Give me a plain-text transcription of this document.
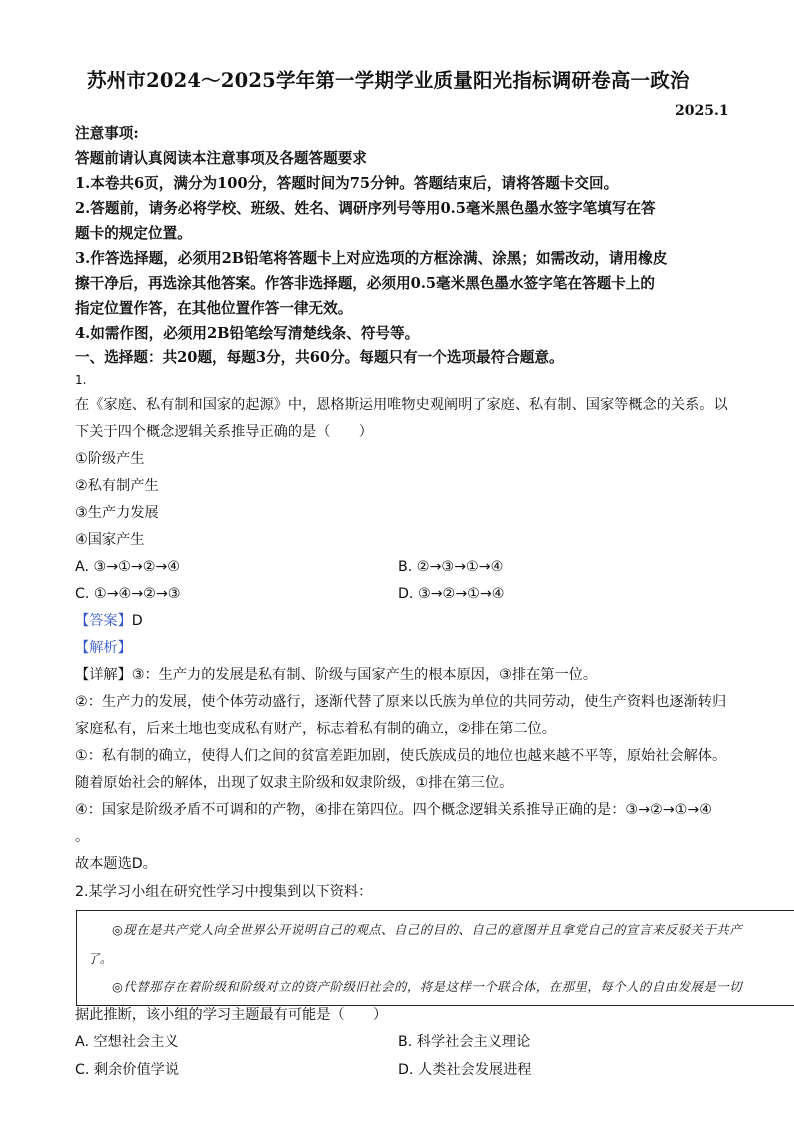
苏州市2024～2025学年第一学期学业质量阳光指标调研卷高一政治
2025.1
注意事项:
答题前请认真阅读本注意事项及各题答题要求
1.本卷共6页，满分为100分，答题时间为75分钟。答题结束后，请将答题卡交回。
2.答题前，请务必将学校、班级、姓名、调研序列号等用0.5毫米黑色墨水签字笔填写在答
题卡的规定位置。
3.作答选择题，必须用2B铅笔将答题卡上对应选项的方框涂满、涂黑；如需改动，请用橡皮
擦干净后，再选涂其他答案。作答非选择题，必须用0.5毫米黑色墨水签字笔在答题卡上的
指定位置作答，在其他位置作答一律无效。
4.如需作图，必须用2B铅笔绘写清楚线条、符号等。
一、选择题：共20题，每题3分，共60分。每题只有一个选项最符合题意。
1.
在《家庭、私有制和国家的起源》中，恩格斯运用唯物史观阐明了家庭、私有制、国家等概念的关系。以
下关于四个概念逻辑关系推导正确的是（　　）
①阶级产生
②私有制产生
③生产力发展
④国家产生
A. ③→①→②→④	B. ②→③→①→④
C. ①→④→②→③	D. ③→②→①→④
【答案】D
【解析】
【详解】③：生产力的发展是私有制、阶级与国家产生的根本原因，③排在第一位。
②：生产力的发展，使个体劳动盛行，逐渐代替了原来以氏族为单位的共同劳动，使生产资料也逐渐转归
家庭私有，后来土地也变成私有财产，标志着私有制的确立，②排在第二位。
①：私有制的确立，使得人们之间的贫富差距加剧，使氏族成员的地位也越来越不平等，原始社会解体。
随着原始社会的解体，出现了奴隶主阶级和奴隶阶级，①排在第三位。
④：国家是阶级矛盾不可调和的产物，④排在第四位。四个概念逻辑关系推导正确的是：③→②→①→④
。
故本题选D。
2.某学习小组在研究性学习中搜集到以下资料：
◎现在是共产党人向全世界公开说明自己的观点、自己的目的、自己的意图并且拿党自己的宣言来反驳关于共产
了。
◎代替那存在着阶级和阶级对立的资产阶级旧社会的，将是这样一个联合体，在那里，每个人的自由发展是一切
据此推断，该小组的学习主题最有可能是（　　）
A. 空想社会主义	B. 科学社会主义理论
C. 剩余价值学说	D. 人类社会发展进程
